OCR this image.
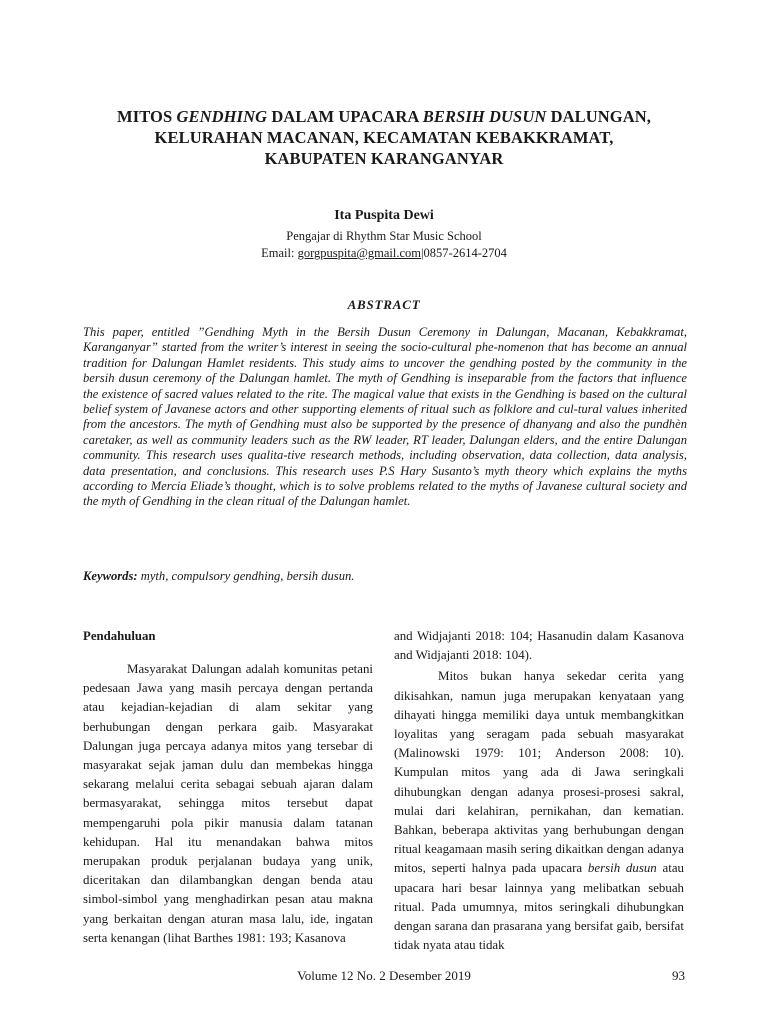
MITOS GENDHING DALAM UPACARA BERSIH DUSUN DALUNGAN,
KELURAHAN MACANAN, KECAMATAN KEBAKKRAMAT,
KABUPATEN KARANGANYAR
Ita Puspita Dewi
Pengajar di Rhythm Star Music School
Email: gorgpuspita@gmail.com|0857-2614-2704
ABSTRACT

This paper, entitled ”Gendhing Myth in the Bersih Dusun Ceremony in Dalungan, Macanan, Kebakkramat, Karanganyar” started from the writer’s interest in seeing the socio-cultural phe-nomenon that has become an annual tradition for Dalungan Hamlet residents. This study aims to uncover the gendhing posted by the community in the bersih dusun ceremony of the Dalungan hamlet. The myth of Gendhing is inseparable from the factors that influence the existence of sacred values related to the rite. The magical value that exists in the Gendhing is based on the cultural belief system of Javanese actors and other supporting elements of ritual such as folklore and cul-tural values inherited from the ancestors. The myth of Gendhing must also be supported by the presence of dhanyang and also the pundhèn caretaker, as well as community leaders such as the RW leader, RT leader, Dalungan elders, and the entire Dalungan community. This research uses qualita-tive research methods, including observation, data collection, data analysis, data presentation, and conclusions. This research uses P.S Hary Susanto’s myth theory which explains the myths according to Mercia Eliade’s thought, which is to solve problems related to the myths of Javanese cultural society and the myth of Gendhing in the clean ritual of the Dalungan hamlet.

Keywords: myth, compulsory gendhing, bersih dusun.

Pendahuluan

Masyarakat Dalungan adalah komunitas petani pedesaan Jawa yang masih percaya dengan pertanda atau kejadian-kejadian di alam sekitar yang berhubungan dengan perkara gaib. Masyarakat Dalungan juga percaya adanya mitos yang tersebar di masyarakat sejak jaman dulu dan membekas hingga sekarang melalui cerita sebagai sebuah ajaran dalam bermasyarakat, sehingga mitos tersebut dapat mempengaruhi pola pikir manusia dalam tatanan kehidupan. Hal itu menandakan bahwa mitos merupakan produk perjalanan budaya yang unik, diceritakan dan dilambangkan dengan benda atau simbol-simbol yang menghadirkan pesan atau makna yang berkaitan dengan aturan masa lalu, ide, ingatan serta kenangan (lihat Barthes 1981: 193; Kasanova

and Widjajanti 2018: 104; Hasanudin dalam Kasanova and Widjajanti 2018: 104).

Mitos bukan hanya sekedar cerita yang dikisahkan, namun juga merupakan kenyataan yang dihayati hingga memiliki daya untuk membangkitkan loyalitas yang seragam pada sebuah masyarakat (Malinowski 1979: 101; Anderson 2008: 10). Kumpulan mitos yang ada di Jawa seringkali dihubungkan dengan adanya prosesi-prosesi sakral, mulai dari kelahiran, pernikahan, dan kematian. Bahkan, beberapa aktivitas yang berhubungan dengan ritual keagamaan masih sering dikaitkan dengan adanya mitos, seperti halnya pada upacara bersih dusun atau upacara hari besar lainnya yang melibatkan sebuah ritual. Pada umumnya, mitos seringkali dihubungkan dengan sarana dan prasarana yang bersifat gaib, bersifat tidak nyata atau tidak

Volume 12 No. 2 Desember 2019	93
